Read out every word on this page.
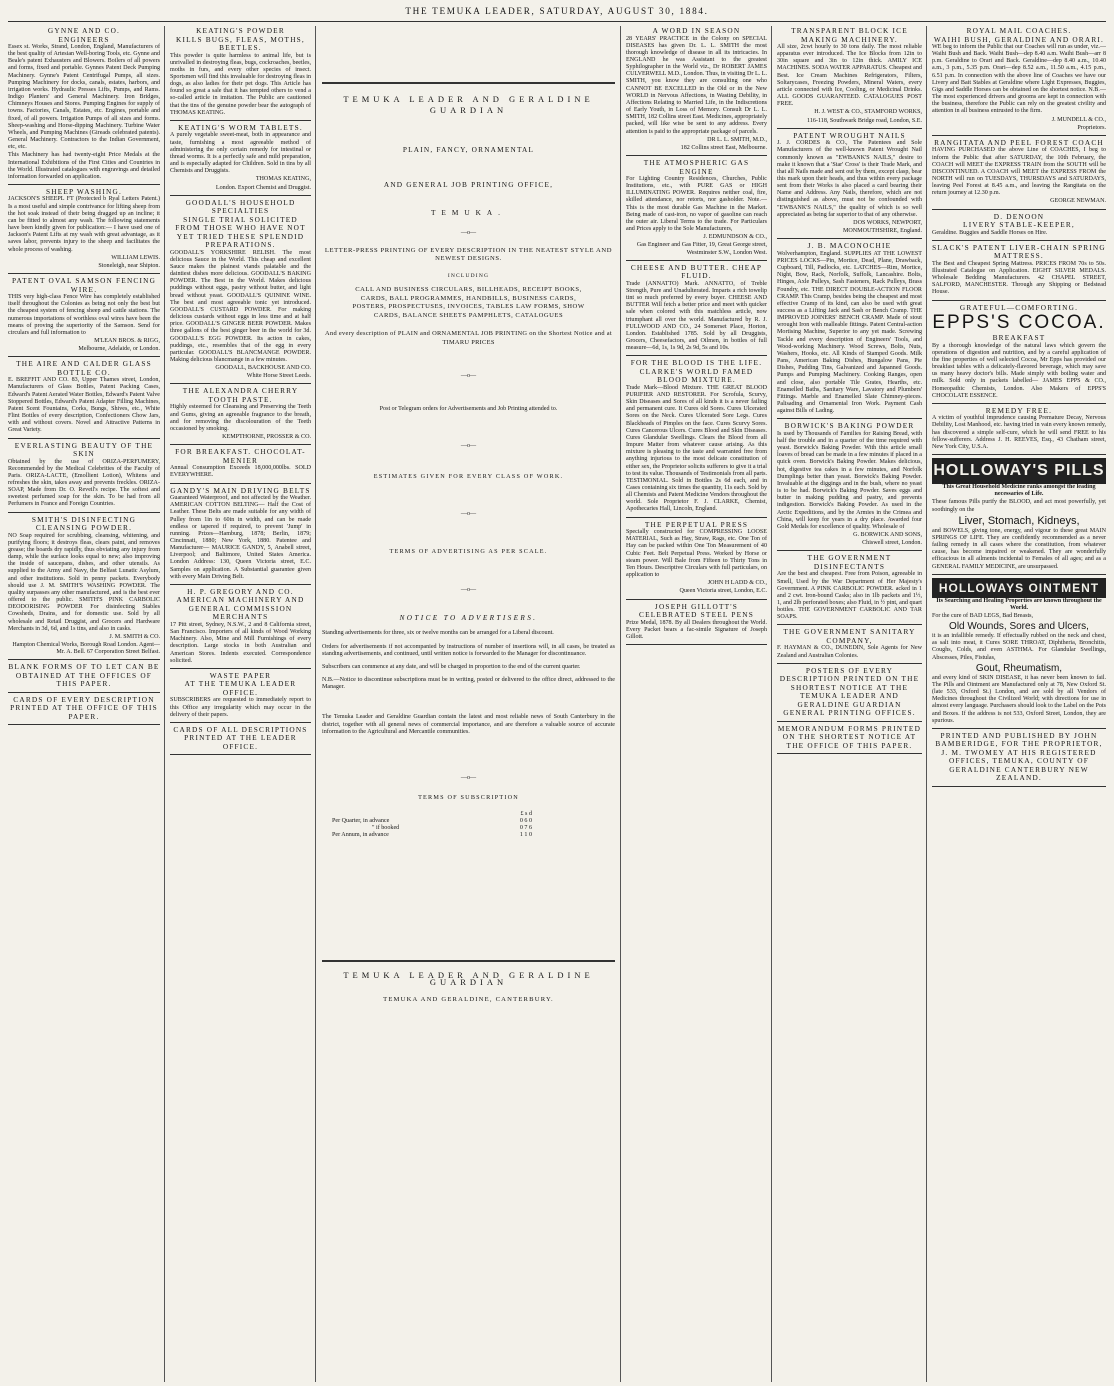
THE TEMUKA LEADER, SATURDAY, AUGUST 30, 1884.
GYNNE AND CO.
ENGINEERS

Essex st. Works, Strand, London, England, Manufacturers of the best quality of Artesian Well-boring Tools, etc. Gynne and Beale's patent Exhausters and Blowers. Boilers of all powers and forms, fixed and portable. Gynnes Patent Deck Pumping Machinery. Gynne's Patent Centrifugal Pumps, all sizes. Pumping Machinery for docks, canals, estates, harbors, and irrigation works. Hydraulic Presses Lifts, Pumps, and Rams. Indigo Planters' and General Machinery. Iron Bridges, Chimneys Houses and Stores. Pumping Engines for supply of towns. Factories, Canals, Estates, etc. Engines, portable and fixed, of all powers. Irrigation Pumps of all sizes and forms. Sheep-washing and Horse-dipping Machinery. Turbine Water Wheels, and Pumping Machines (Gireads celebrated patents). General Machinery. Contractors to the Indian Government, etc, etc.

This Machinery has had twenty-eight Price Medals at the International Exhibitions of the First Cities and Countries in the World. Illustrated catalogues with engravings and detailed information forwarded on application.

SHEEP WASHING.

JACKSON'S SHEEPL FT (Protected b Ryal Letters Patent.) Is a most useful and simple contrivance for lifting sheep from the hot soak instead of their being dragged up an incline; it can be fitted to almost any wash. The following statements have been kindly given for publication:— I have used one of Jackson's Patent Lifts at my wash with great advantage, as it saves labor, prevents injury to the sheep and facilitates the whole process of washing.

WILLIAM LEWIS.

Stoneleigh, near Shipton.

PATENT OVAL SAMSON FENCING WIRE.

THIS very high-class Fence Wire has completely established itself throughout the Colonies as being not only the best but the cheapest system of fencing sheep and cattle stations. The numerous importations of worthless oval wires have been the means of proving the superiority of the Samson. Send for circulars and full information to

M'LEAN BROS. & RIGG,

Melbourne, Adelaide, or London.

THE AIRE AND CALDER GLASS BOTTLE CO.

E. BREFFIT AND CO. 83, Upper Thames street, London, Manufacturers of Glass Bottles, Patent Packing Cases, Edward's Patent Aerated Water Bottles, Edward's Patent Valve Stoppered Bottles, Edward's Patent Adapter Filling Machines, Patent Scent Fountains, Corks, Bungs, Shives, etc., White Flint Bottles of every description, Confectioners Chow Jars, with and without covers. Novel and Attractive Patterns in Great Variety.

EVERLASTING BEAUTY OF THE SKIN

Obtained by the use of ORIZA-PERFUMERY, Recommended by the Medical Celebrities of the Faculty of Paris. ORIZA-LACTE, (Emollient Lotion), Whitens and refreshes the skin, takes away and prevents freckles. ORIZA-SOAP, Made from Dr. O. Reveil's recipe. The softest and sweetest perfumed soap for the skin. To be had from all Perfumers in France and Foreign Countries.

SMITH'S DISINFECTING CLEANSING POWDER.

NO Soap required for scrubbing, cleansing, whitening, and purifying floors; it destroys fleas, clears paint, and removes grease; the boards dry rapidly, thus obviating any injury from damp, while the surface looks equal to new; also improving the inside of saucepans, dishes, and other utensils. As supplied to the Army and Navy, the Belfast Lunatic Asylum, and other institutions. Sold in penny packets. Everybody should use J. M. SMITH'S WASHING POWDER. The quality surpasses any other manufactured, and is the best ever offered to the public. SMITH'S PINK CARBOLIC DEODORISING POWDER For disinfecting Stables Cowsheds, Drains, and for domestic use. Sold by all wholesale and Retail Druggist, and Grocers and Hardware Merchants in 3d, 6d, and 1s tins, and also in casks.

J. M. SMITH & CO.

Hampton Chemical Works, Borough Road London. Agent—Mr. A. Bell. 67 Corporation Street Belfast.

BLANK FORMS OF TO LET CAN BE OBTAINED AT THE OFFICES OF THIS PAPER.
CARDS OF EVERY DESCRIPTION PRINTED AT THE OFFICE OF THIS PAPER.
KEATING'S POWDER
KILLS BUGS, FLEAS, MOTHS, BEETLES.

This powder is quite harmless to animal life, but is unrivalled in destroying fleas, bugs, cockroaches, beetles, moths in furs, and every other species of insect. Sportsmen will find this invaluable for destroying fleas in dogs, as also ladies for their pet dogs. This Article has found so great a sale that it has tempted others to vend a so-called article in imitation. The Public are cautioned that the tins of the genuine powder bear the autograph of THOMAS KEATING.

KEATING'S WORM TABLETS.

A purely vegetable sweet-meat, both in appearance and taste, furnishing a most agreeable method of administering the only certain remedy for intestinal or thread worms. It is a perfectly safe and mild preparation, and is especially adapted for Children. Sold in tins by all Chemists and Druggists.

THOMAS KEATING,

London. Export Chemist and Druggist.

GOODALL'S HOUSEHOLD SPECIALTIES
SINGLE TRIAL SOLICITED FROM THOSE WHO HAVE NOT YET TRIED THESE SPLENDID PREPARATIONS.

GOODALL'S YORKSHIRE RELISH. The most delicious Sauce in the World. This cheap and excellent Sauce makes the plainest viands palatable and the daintiest dishes more delicious. GOODALL'S BAKING POWDER. The Best in the World. Makes delicious puddings without eggs, pastry without butter, and light bread without yeast. GOODALL'S QUININE WINE. The best and most agreeable tonic yet introduced. GOODALL'S CUSTARD POWDER. For making delicious custards without eggs in less time and at half price. GOODALL'S GINGER BEER POWDER. Makes three gallons of the best ginger beer in the world for 3d. GOODALL'S EGG POWDER. Its action in cakes, puddings, etc., resembles that of the egg in every particular. GOODALL'S BLANCMANGE POWDER. Making delicious blancmange in a few minutes.

GOODALL, BACKHOUSE AND CO.

White Horse Street Leeds.

THE ALEXANDRA CHERRY TOOTH PASTE.

Highly esteemed for Cleansing and Preserving the Teeth and Gums, giving an agreeable fragrance to the breath, and for removing the discolouration of the Teeth occasioned by smoking.

KEMPTHORNE, PROSSER & CO.

FOR BREAKFAST. CHOCOLAT-MENIER

Annual Consumption Exceeds 18,000,000lbs. SOLD EVERYWHERE.

GANDY'S MAIN DRIVING BELTS

Guaranteed Waterproof, and not affected by the Weather. AMERICAN COTTON BELTING— Half the Cost of Leather. These Belts are made suitable for any width of Pulley from 1in to 60in in width, and can be made endless or tapered if required, to prevent 'Jump' in running. Prizes—Hamburg, 1878; Berlin, 1879; Cincinnati, 1880; New York, 1880. Patentee and Manufacturer— MAURICE GANDY, 5, Anabell street, Liverpool; and Baltimore, United States America. London Address: 130, Queen Victoria street, E.C. Samples on application. A Substantial guarantee given with every Main Driving Belt.

H. P. GREGORY AND CO.
AMERICAN MACHINERY AND GENERAL COMMISSION MERCHANTS

17 Pitt street, Sydney, N.S.W., 2 and 8 California street, San Francisco. Importers of all kinds of Wood Working Machinery. Also, Mine and Mill Furnishings of every description. Large stocks in both Australian and American Stores. Indents executed. Correspondence solicited.

WASTE PAPER
AT THE TEMUKA LEADER OFFICE.

SUBSCRIBERS are requested to immediately report to this Office any irregularity which may occur in the delivery of their papers.

CARDS OF ALL DESCRIPTIONS PRINTED AT THE LEADER OFFICE.
TEMUKA LEADER AND GERALDINE GUARDIAN
PLAIN, FANCY, ORNAMENTAL
AND GENERAL JOB PRINTING OFFICE,
TEMUKA.
—o—
LETTER-PRESS PRINTING OF EVERY DESCRIPTION IN THE NEATEST STYLE AND NEWEST DESIGNS.
INCLUDING
CALL AND BUSINESS CIRCULARS, BILLHEADS, RECEIPT BOOKS, CARDS, BALL PROGRAMMES, HANDBILLS, BUSINESS CARDS, POSTERS, PROSPECTUSES, INVOICES, TABLES LAW FORMS, SHOW CARDS, BALANCE SHEETS PAMPHLETS, CATALOGUES
And every description of PLAIN and ORNAMENTAL JOB PRINTING on the Shortest Notice and at TIMARU PRICES
—o—
Post or Telegram orders for Advertisements and Job Printing attended to.
—o—
ESTIMATES GIVEN FOR EVERY CLASS OF WORK.
—o—
TERMS OF ADVERTISING AS PER SCALE.
—o—
NOTICE TO ADVERTISERS.

Standing advertisements for three, six or twelve months can be arranged for a Liberal discount.

Orders for advertisements if not accompanied by instructions of number of insertions will, in all cases, be treated as standing advertisements, and continued, until written notice is forwarded to the Manager for discontinuance.

Subscribers can commence at any date, and will be charged in proportion to the end of the current quarter.

N.B.—Notice to discontinue subscriptions must be in writing, posted or delivered to the office direct, addressed to the Manager.

The Temuka Leader and Geraldine Guardian contain the latest and most reliable news of South Canterbury in the district, together with all general news of commercial importance, and are therefore a valuable source of accurate information to the Agricultural and Mercantile communities.

—o—
TERMS OF SUBSCRIPTION
	£ s d
Per Quarter, in advance	0 6 0
" if booked	0 7 6
Per Annum, in advance	1 1 0
TEMUKA LEADER AND GERALDINE GUARDIAN
TEMUKA AND GERALDINE, CANTERBURY.
A WORD IN SEASON

28 YEARS' PRACTICE in the Colony on SPECIAL DISEASES has given Dr. L. L. SMITH the most thorough knowledge of disease in all its intricacies. In ENGLAND he was Assistant to the greatest Syphilographer in the World viz., Dr ROBERT JAMES CULVERWELL M.D., London. Thus, in visiting Dr L. L. SMITH, you know they are consulting one who CANNOT BE EXCELLED in the Old or in the New WORLD in Nervous Affections, in Wasting Debility, in Affections Relating to Married Life, in the Indiscretions of Early Youth, in Loss of Memory. Consult Dr L. L. SMITH, 182 Collins street East. Medicines, appropriately packed, will like wise be sent to any address. Every attention is paid to the appropriate package of parcels.

DR L. L. SMITH, M.D.,

182 Collins street East, Melbourne.

THE ATMOSPHERIC GAS ENGINE

For Lighting Country Residences, Churches, Public Institutions, etc., with PURE GAS or HIGH ILLUMINATING POWER. Requires neither coal, fire, skilled attendance, nor retorts, nor gasholder. Note.—This is the most durable Gas Machine in the Market. Being made of cast-iron, no vapor of gasoline can reach the outer air. Liberal Terms to the trade. For Particulars and Prices apply to the Sole Manufacturers,

J. EDMUNDSON & CO.,

Gas Engineer and Gas Fitter, 19, Great George street, Westminster S.W., London West.

CHEESE AND BUTTER. CHEAP FLUID.

Trade (ANNATTO) Mark. ANNATTO, of Treble Strength, Pure and Unadulterated. Imparts a rich towelip tint so much preferred by every buyer. CHEESE AND BUTTER Will fetch a better price and meet with quicker sale when colored with this matchless article, now triumphant all over the world. Manufactured by R. J. FULLWOOD AND CO., 24 Somerset Place, Horton, London. Established 1785. Sold by all Druggists, Grocers, Cheesefactors, and Oilmen, in bottles of full measure—6d, 1s, 1s 9d, 2s 9d, 5s and 10s.

FOR THE BLOOD IS THE LIFE. CLARKE'S WORLD FAMED BLOOD MIXTURE.

Trade Mark—Blood Mixture. THE GREAT BLOOD PURIFIER AND RESTORER. For Scrofula, Scurvy, Skin Diseases and Sores of all kinds it is a never failing and permanent cure. It Cures old Sores. Cures Ulcerated Sores on the Neck. Cures Ulcerated Sore Legs. Cures Blackheads of Pimples on the face. Cures Scurvy Sores. Cures Cancerous Ulcers. Cures Blood and Skin Diseases. Cures Glandular Swellings. Clears the Blood from all Impure Matter from whatever cause arising. As this mixture is pleasing to the taste and warranted free from anything injurious to the most delicate constitution of either sex, the Proprietor solicits sufferers to give it a trial to test its value. Thousands of Testimonials from all parts. TESTIMONIAL. Sold in Bottles 2s 6d each, and in Cases containing six times the quantity, 11s each. Sold by all Chemists and Patent Medicine Vendors throughout the world. Sole Proprietor F. J. CLARKE, Chemist, Apothecaries Hall, Lincoln, England.

THE PERPETUAL PRESS

Specially constructed for COMPRESSING LOOSE MATERIAL, Such as Hay, Straw, Rags, etc. One Ton of Hay can be packed within One Ton Measurement of 40 Cubic Feet. Belt Perpetual Press. Worked by Horse or steam power. Will Bale from Fifteen to Thirty Tons in Ten Hours. Descriptive Circulars with full particulars, on application to

JOHN H LADD & CO.,

Queen Victoria street, London, E.C.

JOSEPH GILLOTT'S CELEBRATED STEEL PENS

Prize Medal, 1878. By all Dealers throughout the World. Every Packet bears a fac-simile Signature of Joseph Gillott.

TRANSPARENT BLOCK ICE MAKING MACHINERY.

All size, 2cwt hourly to 30 tons daily. The most reliable apparatus ever introduced. The Ice Blocks from 12in to 30in square and 3in to 12in thick. AMILY ICE MACHINES. SODA WATER APPARATUS. Cheapest and Best. Ice Cream Machines Refrigerators, Filters, Soltarycases, Freezing Powders, Mineral Waters, every article connected with Ice, Cooling, or Medicinal Drinks. ALL GOODS GUARANTEED. CATALOGUES POST FREE.

H. J. WEST & CO., STAMFORD WORKS,

116-118, Southwark Bridge road, London, S.E.

PATENT WROUGHT NAILS

J. J. CORDES & CO., The Patentees and Sole Manufacturers of the well-known Patent Wrought Nail commonly known as "EWBANK'S NAILS," desire to make it known that a 'Star' Cross' is their Trade Mark, and that all Nails made and sent out by them, except clasp, bear this mark upon their heads, and thus within every package sent from their Works is also placed a card bearing their Name and Address. Any Nails, therefore, which are not distinguished as above, must not be confounded with "EWBANK'S NAILS," the quality of which is so well appreciated as being far superior to that of any otherwise.

DOS WORKS, NEWPORT,

MONMOUTHSHIRE, England.

J. B. MACONOCHIE

Wolverhampton, England. SUPPLIES AT THE LOWEST PRICES LOCKS—Pin, Mortice, Dead, Plane, Drawback, Cupboard, Till, Padlocks, etc. LATCHES—Rim, Mortice, Night, Bow, Rack, Norfolk, Suffolk, Lancashire. Bolts, Hinges, Axle Pulleys, Sash Fasteners, Rack Pulleys, Brass Foundry, etc. THE DIRECT DOUBLE-ACTION FLOOR CRAMP. This Cramp, besides being the cheapest and most effective Cramp of its kind, can also be used with great success as a Lifting Jack and Sash or Bench Cramp. THE IMPROVED JOINERS' BENCH CRAMP. Made of stout wrought Iron with malleable fittings. Patent Central-action Mortising Machine, Superior to any yet made. Screwing Tackle and every description of Engineers' Tools, and Wood-working Machinery. Wood Screws, Bolts, Nuts, Washers, Hooks, etc. All Kinds of Stamped Goods. Milk Pans, American Baking Dishes, Bungalow Pans, Pie Dishes, Pudding Tins, Galvanized and Japanned Goods. Pumps and Pumping Machinery. Cooking Ranges, open and close, also portable Tile Grates, Hearths, etc. Enamelled Baths, Sanitary Ware, Lavatory and Plumbers' Fittings. Marble and Enamelled Slate Chimney-pieces. Palisading and Ornamental Iron Work. Payment Cash against Bills of Lading.

BORWICK'S BAKING POWDER

Is used by Thousands of Families for Raising Bread, with half the trouble and in a quarter of the time required with yeast. Borwick's Baking Powder. With this article small loaves of bread can be made in a few minutes if placed in a quick oven. Borwick's Baking Powder. Makes delicious, hot, digestive tea cakes in a few minutes, and Norfolk Dumplings better than yeast. Borwick's Baking Powder. Invaluable at the diggings and in the bush, where no yeast is to be had. Borwick's Baking Powder. Saves eggs and butter in making pudding and pastry, and prevents indigestion. Borwick's Baking Powder. As used in the Arctic Expeditions, and by the Armies in the Crimea and China, will keep for years in a dry place. Awarded four Gold Medals for excellence of quality. Wholesale of

G. BORWICK AND SONS,

Chiswell street, London.

THE GOVERNMENT DISINFECTANTS

Are the best and cheapest. Free from Poison, agreeable in Smell, Used by the War Department of Her Majesty's Government. A PINK CARBOLIC POWDER. acked in 1 and 2 cwt. Iron-bound Casks; also in 1lb packets and 1½, 1, and 2lb perforated boxes; also Fluid, in ½ pint, and quart bottles. THE GOVERNMENT CARBOLIC AND TAR SOAPS.

THE GOVERNMENT SANITARY COMPANY,

F. HAYMAN & CO., DUNEDIN, Sole Agents for New Zealand and Australian Colonies.

POSTERS OF EVERY DESCRIPTION PRINTED ON THE SHORTEST NOTICE AT THE TEMUKA LEADER AND GERALDINE GUARDIAN GENERAL PRINTING OFFICES.
MEMORANDUM FORMS PRINTED ON THE SHORTEST NOTICE AT THE OFFICE OF THIS PAPER.
ROYAL MAIL COACHES.
WAIHI BUSH, GERALDINE AND ORARI.

WE beg to inform the Public that our Coaches will run as under, viz.— Waihi Bush and Back. Waihi Bush—dep 8.40 a.m. Waihi Bush—arr 8 p.m. Geraldine to Orari and Back. Geraldine—dep 8.40 a.m., 10.40 a.m., 3 p.m., 5.35 p.m. Orari—dep 8.52 a.m., 11.50 a.m., 4.15 p.m., 6.51 p.m. In connection with the above line of Coaches we have our Livery and Bait Stables at Geraldine where Light Expresses, Buggies, Gigs and Saddle Horses can be obtained on the shortest notice. N.B.—The most experienced drivers and grooms are kept in connection with the business, therefore the Public can rely on the greatest civility and attention in all business entrusted to the firm.

J. MUNDELL & CO.,

Proprietors.

RANGITATA AND PEEL FOREST COACH

HAVING PURCHASED the above Line of COACHES, I beg to inform the Public that after SATURDAY, the 10th February, the COACH will MEET the EXPRESS TRAIN from the SOUTH will be DISCONTINUED. A COACH will MEET the EXPRESS FROM the NORTH will run on TUESDAYS, THURSDAYS and SATURDAYS, leaving Peel Forest at 8.45 a.m., and leaving the Rangitata on the return journey at 12.30 p.m.

GEORGE NEWMAN.

D. DENOON
LIVERY STABLE-KEEPER,

Geraldine. Buggies and Saddle Horses on Hire.

SLACK'S PATENT LIVER-CHAIN SPRING MATTRESS.

The Best and Cheapest Spring Mattress. PRICES FROM 70s to 50s. Illustrated Catalogue on Application. EIGHT SILVER MEDALS. Wholesale Bedding Manufacturers. 42 CHAPEL STREET, SALFORD, MANCHESTER. Through any Shipping or Bedstead House.

GRATEFUL—COMFORTING.
EPPS'S COCOA.
BREAKFAST

By a thorough knowledge of the natural laws which govern the operations of digestion and nutrition, and by a careful application of the fine properties of well selected Cocoa, Mr Epps has provided our breakfast tables with a delicately-flavored beverage, which may save us many heavy doctor's bills. Made simply with boiling water and milk. Sold only in packets labelled— JAMES EPPS & CO., Homeopathic Chemists, London. Also Makers of EPPS'S CHOCOLATE ESSENCE.

REMEDY FREE.

A victim of youthful imprudence causing Premature Decay, Nervous Debility, Lost Manhood, etc. having tried in vain every known remedy, has discovered a simple self-cure, which he will send FREE to his fellow-sufferers. Address J. H. REEVES, Esq., 43 Chatham street, New York City, U.S.A.

HOLLOWAY'S PILLS

This Great Household Medicine ranks amongst the leading necessaries of Life.

These famous Pills purify the BLOOD, and act most powerfully, yet soothingly on the

Liver, Stomach, Kidneys,

and BOWELS, giving tone, energy, and vigour to these great MAIN SPRINGS OF LIFE. They are confidently recommended as a never failing remedy in all cases where the constitution, from whatever cause, has become impaired or weakened. They are wonderfully efficacious in all ailments incidental to Females of all ages; and as a GENERAL FAMILY MEDICINE, are unsurpassed.

HOLLOWAYS OINTMENT

Its Searching and Healing Properties are known throughout the World.

For the cure of BAD LEGS, Bad Breasts,

Old Wounds, Sores and Ulcers,

it is an infallible remedy. If effectually rubbed on the neck and chest, as salt into meat, it Cures SORE THROAT, Diphtheria, Bronchitis, Coughs, Colds, and even ASTHMA. For Glandular Swellings, Abscesses, Piles, Fistulas,

Gout, Rheumatism,

and every kind of SKIN DISEASE, it has never been known to fail. The Pills and Ointment are Manufactured only at 78, New Oxford St. (late 533, Oxford St.) London, and are sold by all Vendors of Medicines throughout the Civilized World; with directions for use in almost every language. Purchasers should look to the Label on the Pots and Boxes. If the address is not 533, Oxford Street, London, they are spurious.

PRINTED AND PUBLISHED BY JOHN BAMBERIDGE, FOR THE PROPRIETOR, J. M. TWOMEY AT HIS REGISTERED OFFICES, TEMUKA, COUNTY OF GERALDINE CANTERBURY NEW ZEALAND.
